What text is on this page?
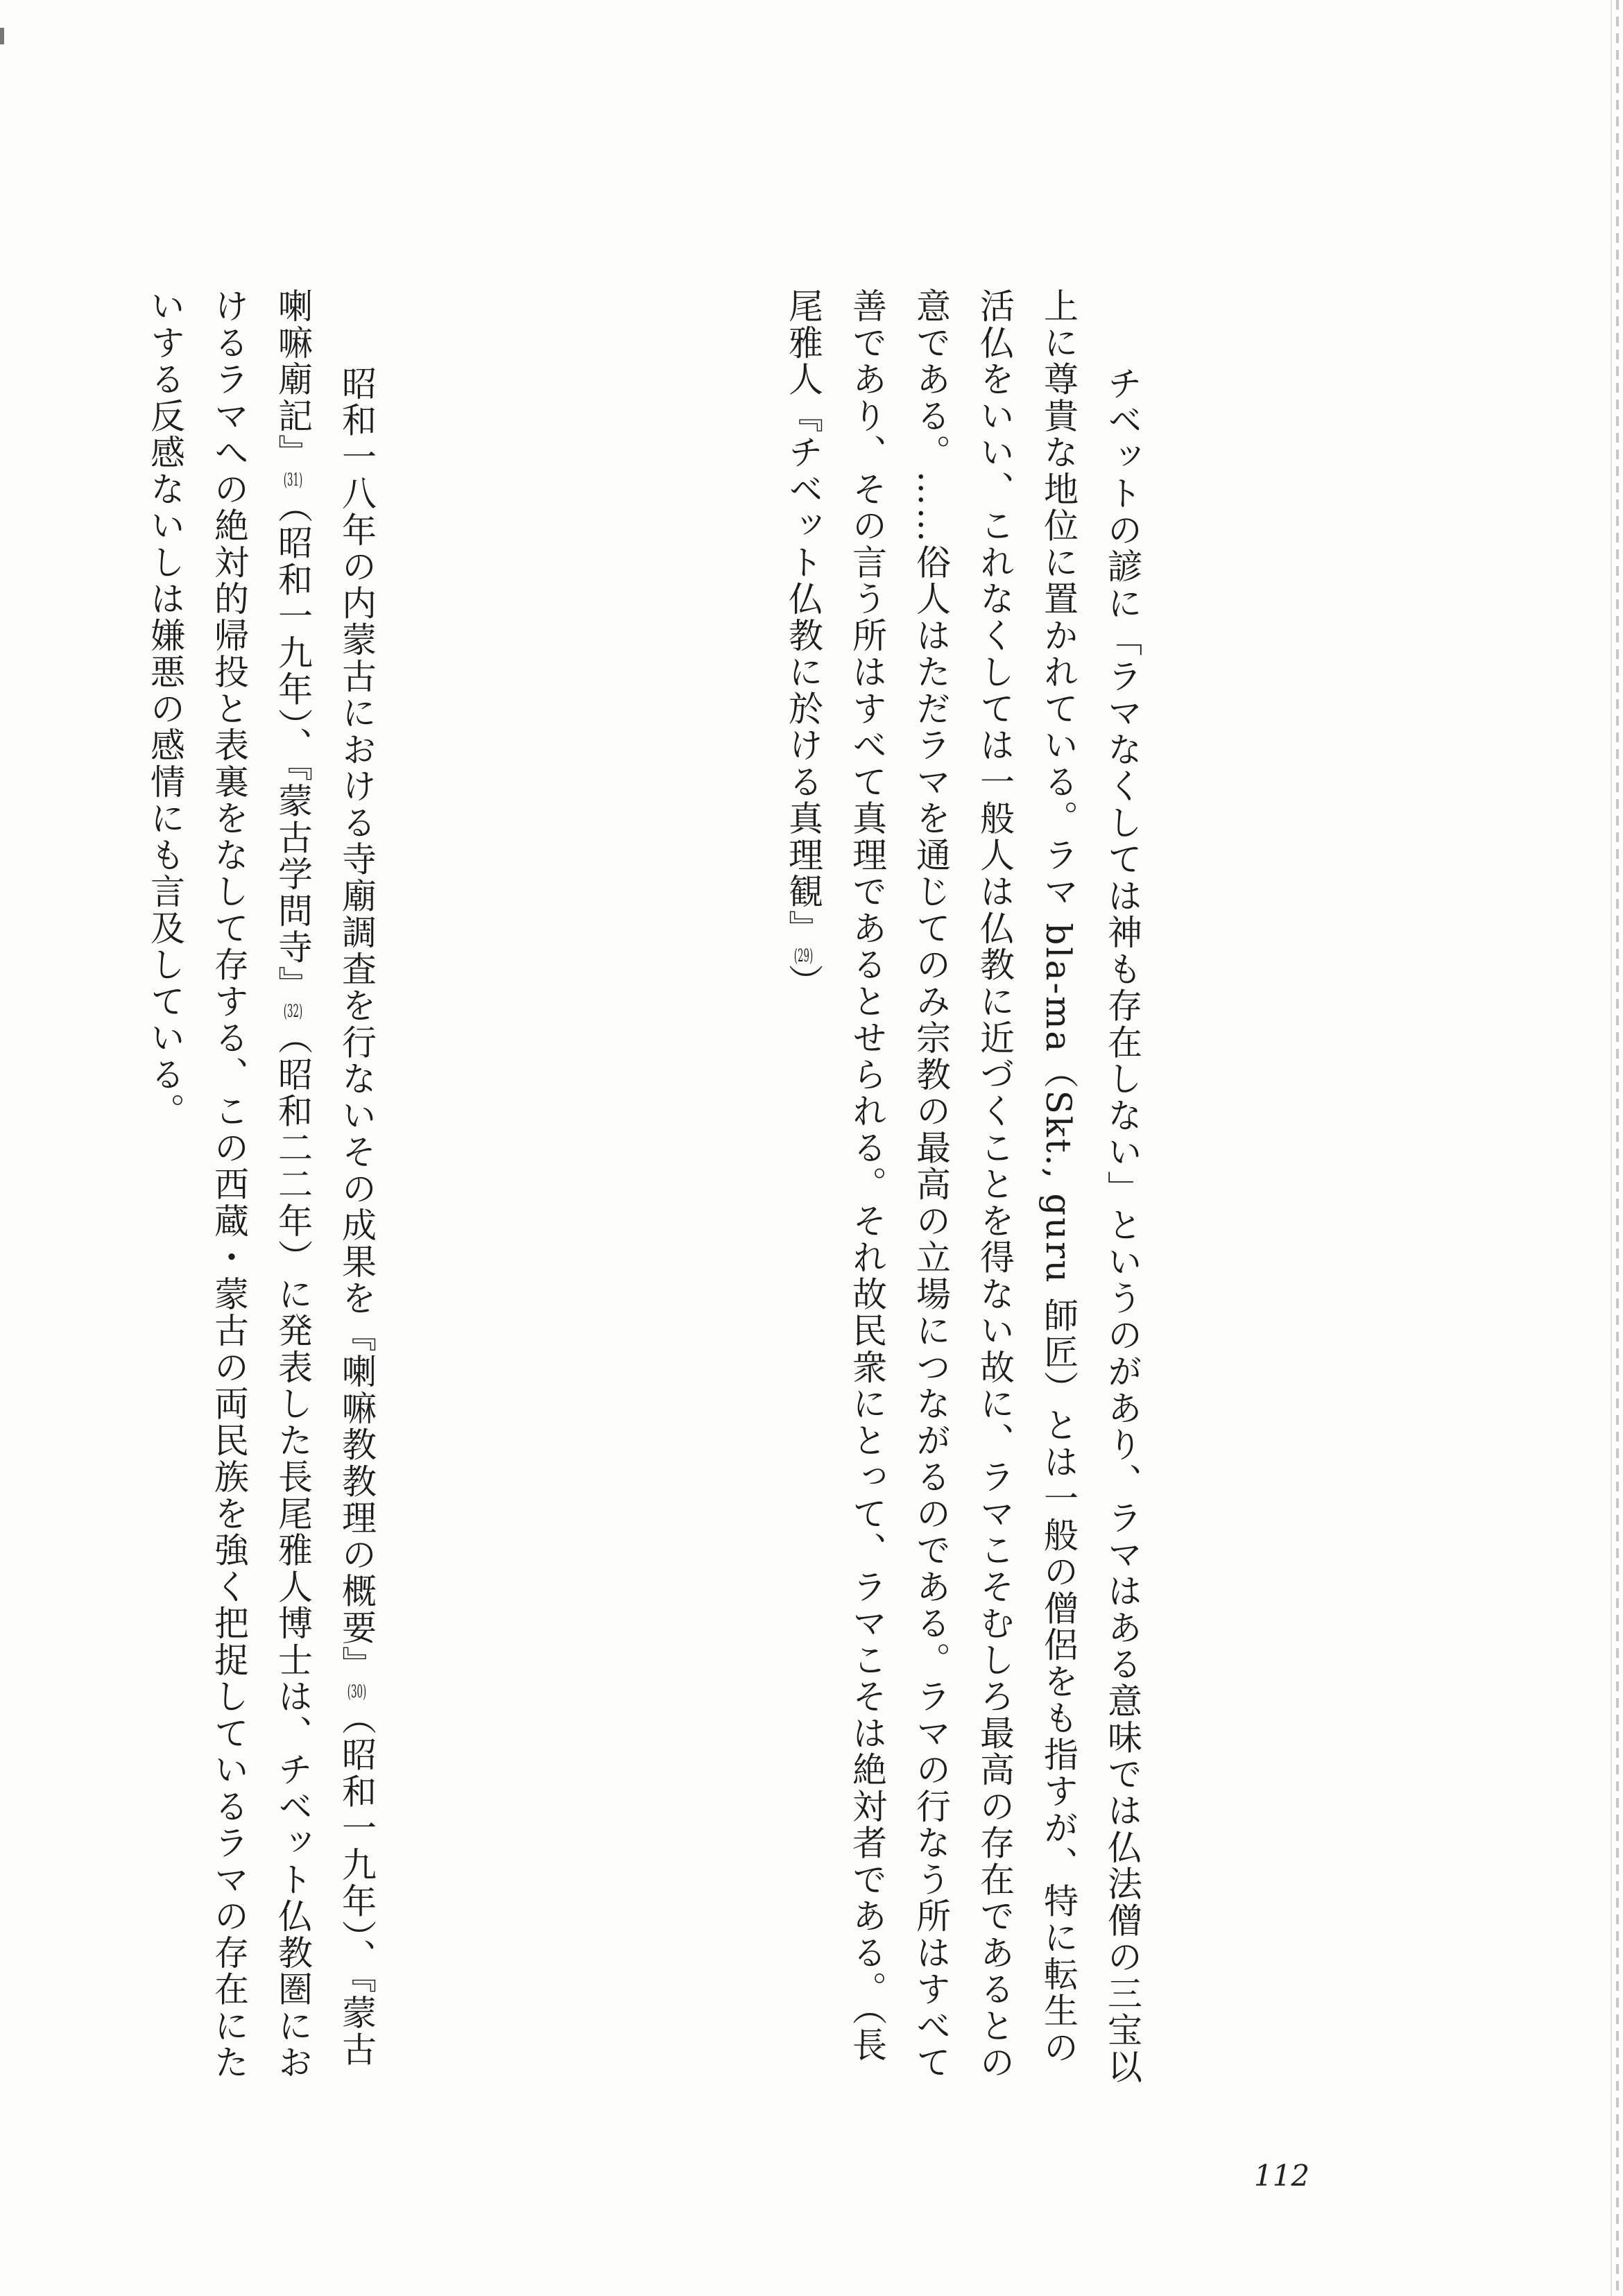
チベットの諺に「ラマなくしては神も存在しない」というのがあり、ラマはある意味では仏法僧の三宝以上に尊貴な地位に置かれている。ラマ bla-ma（Skt., guru 師匠）とは一般の僧侶をも指すが、特に転生の活仏をいい、これなくしては一般人は仏教に近づくことを得ない故に、ラマこそむしろ最高の存在であるとの意である。……俗人はただラマを通じてのみ宗教の最高の立場につながるのである。ラマの行なう所はすべて善であり、その言う所はすべて真理であるとせられる。それ故民衆にとって、ラマこそは絶対者である。（長尾雅人『チベット仏教に於ける真理観』(29)）

昭和一八年の内蒙古における寺廟調査を行ないその成果を『喇嘛教教理の概要』(30)（昭和一九年）、『蒙古喇嘛廟記』(31)（昭和一九年）、『蒙古学問寺』(32)（昭和二二年）に発表した長尾雅人博士は、チベット仏教圏におけるラマへの絶対的帰投と表裏をなして存する、この西蔵・蒙古の両民族を強く把捉しているラマの存在にたいする反感ないしは嫌悪の感情にも言及している。

112
